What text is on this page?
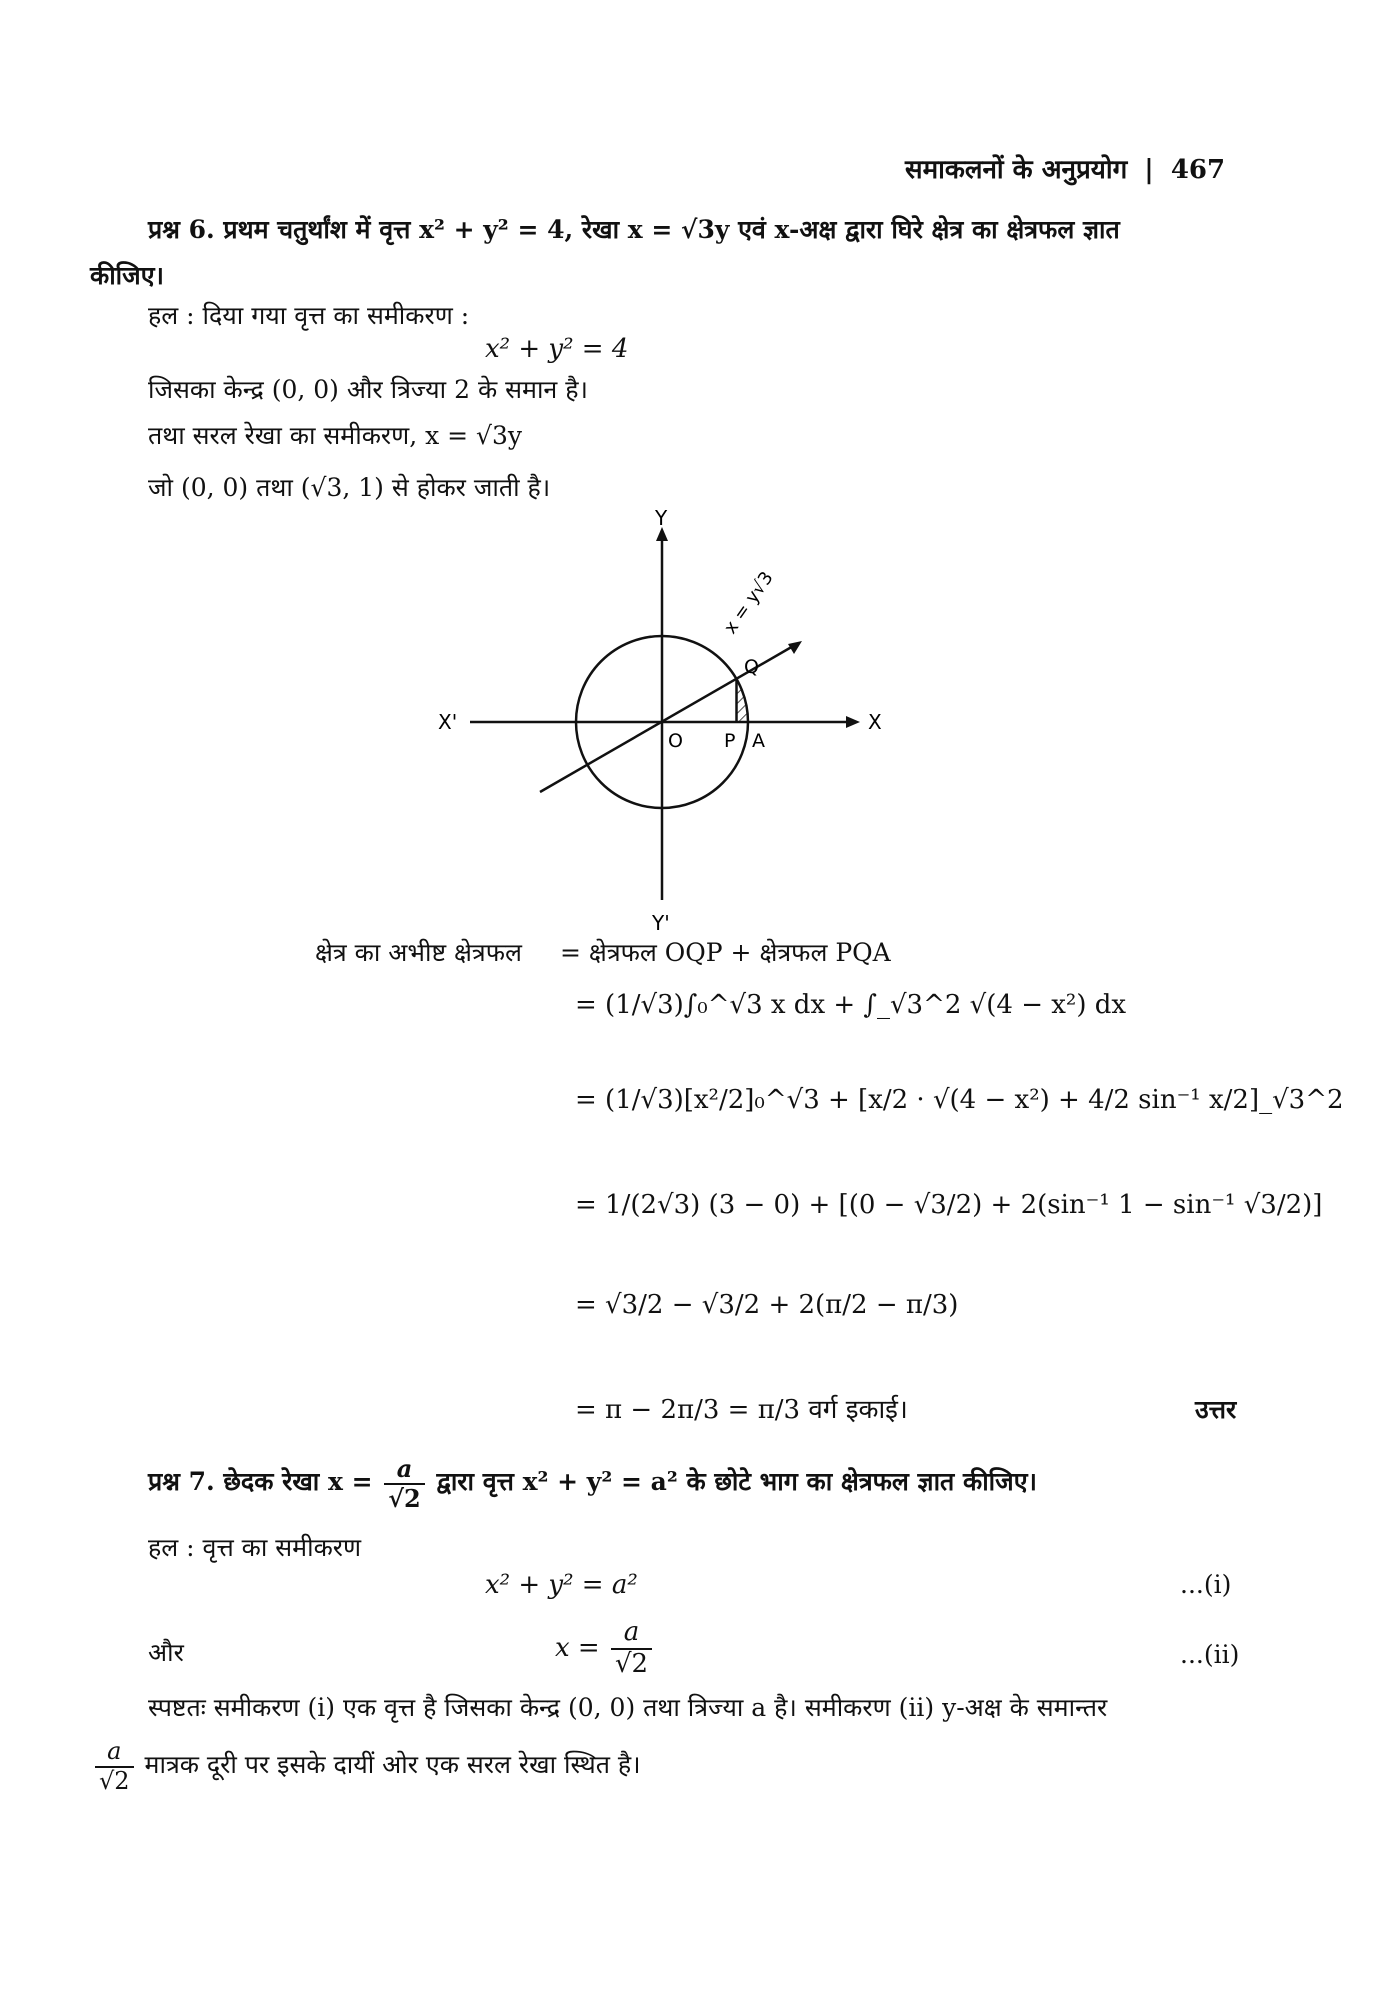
समाकलनों के अनुप्रयोग | 467
प्रश्न 6. प्रथम चतुर्थांश में वृत्त x² + y² = 4, रेखा x = √3y एवं x-अक्ष द्वारा घिरे क्षेत्र का क्षेत्रफल ज्ञात
कीजिए।
हल : दिया गया वृत्त का समीकरण :
x² + y² = 4
जिसका केन्द्र (0, 0) और त्रिज्या 2 के समान है।
तथा सरल रेखा का समीकरण, x = √3y
जो (0, 0) तथा (√3, 1) से होकर जाती है।
Y
Y'
X
X'
O P A
Q
x = y√3
क्षेत्र का अभीष्ट क्षेत्रफल = क्षेत्रफल OQP + क्षेत्रफल PQA
= (1/√3)∫₀^√3 x dx + ∫_√3^2 √(4 − x²) dx
= (1/√3)[x²/2]₀^√3 + [x/2 · √(4 − x²) + 4/2 sin⁻¹ x/2]_√3^2
= 1/(2√3) (3 − 0) + [(0 − √3/2) + 2(sin⁻¹ 1 − sin⁻¹ √3/2)]
= √3/2 − √3/2 + 2(π/2 − π/3)
= π − 2π/3 = π/3 वर्ग इकाई।	उत्तर
प्रश्न 7. छेदक रेखा $x = \frac{a}{√2}$ द्वारा वृत्त x² + y² = a² के छोटे भाग का क्षेत्रफल ज्ञात कीजिए।
हल : वृत्त का समीकरण
x² + y² = a²	...(i)
और	$x = \frac{a}{√2}$	...(ii)
स्पष्टतः समीकरण (i) एक वृत्त है जिसका केन्द्र (0, 0) तथा त्रिज्या a है। समीकरण (ii) y-अक्ष के समान्तर
$\frac{a}{√2}$ मात्रक दूरी पर इसके दायीं ओर एक सरल रेखा स्थित है।
